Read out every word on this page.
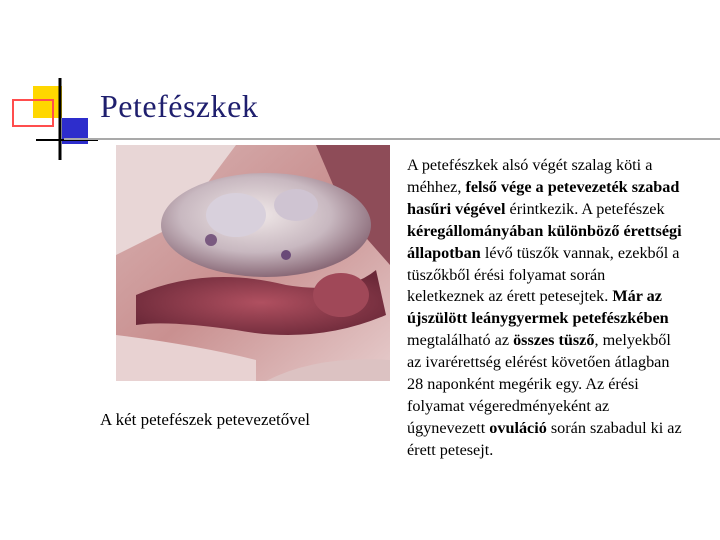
Petefészkek
A két petefészek petevezetővel
A petefészkek alsó végét szalag köti a méhhez, felső vége a petevezeték szabad hasűri végével érintkezik. A petefészek kéregállományában különböző érettségi állapotban lévő tüszők vannak, ezekből a tüszőkből érési folyamat során keletkeznek az érett petesejtek. Már az újszülött leánygyermek petefészkében megtalálható az összes tüsző, melyekből az ivarérettség elérést követően átlagban 28 naponként megérik egy. Az érési folyamat végeredményeként az úgynevezett ovuláció során szabadul ki az érett petesejt.
